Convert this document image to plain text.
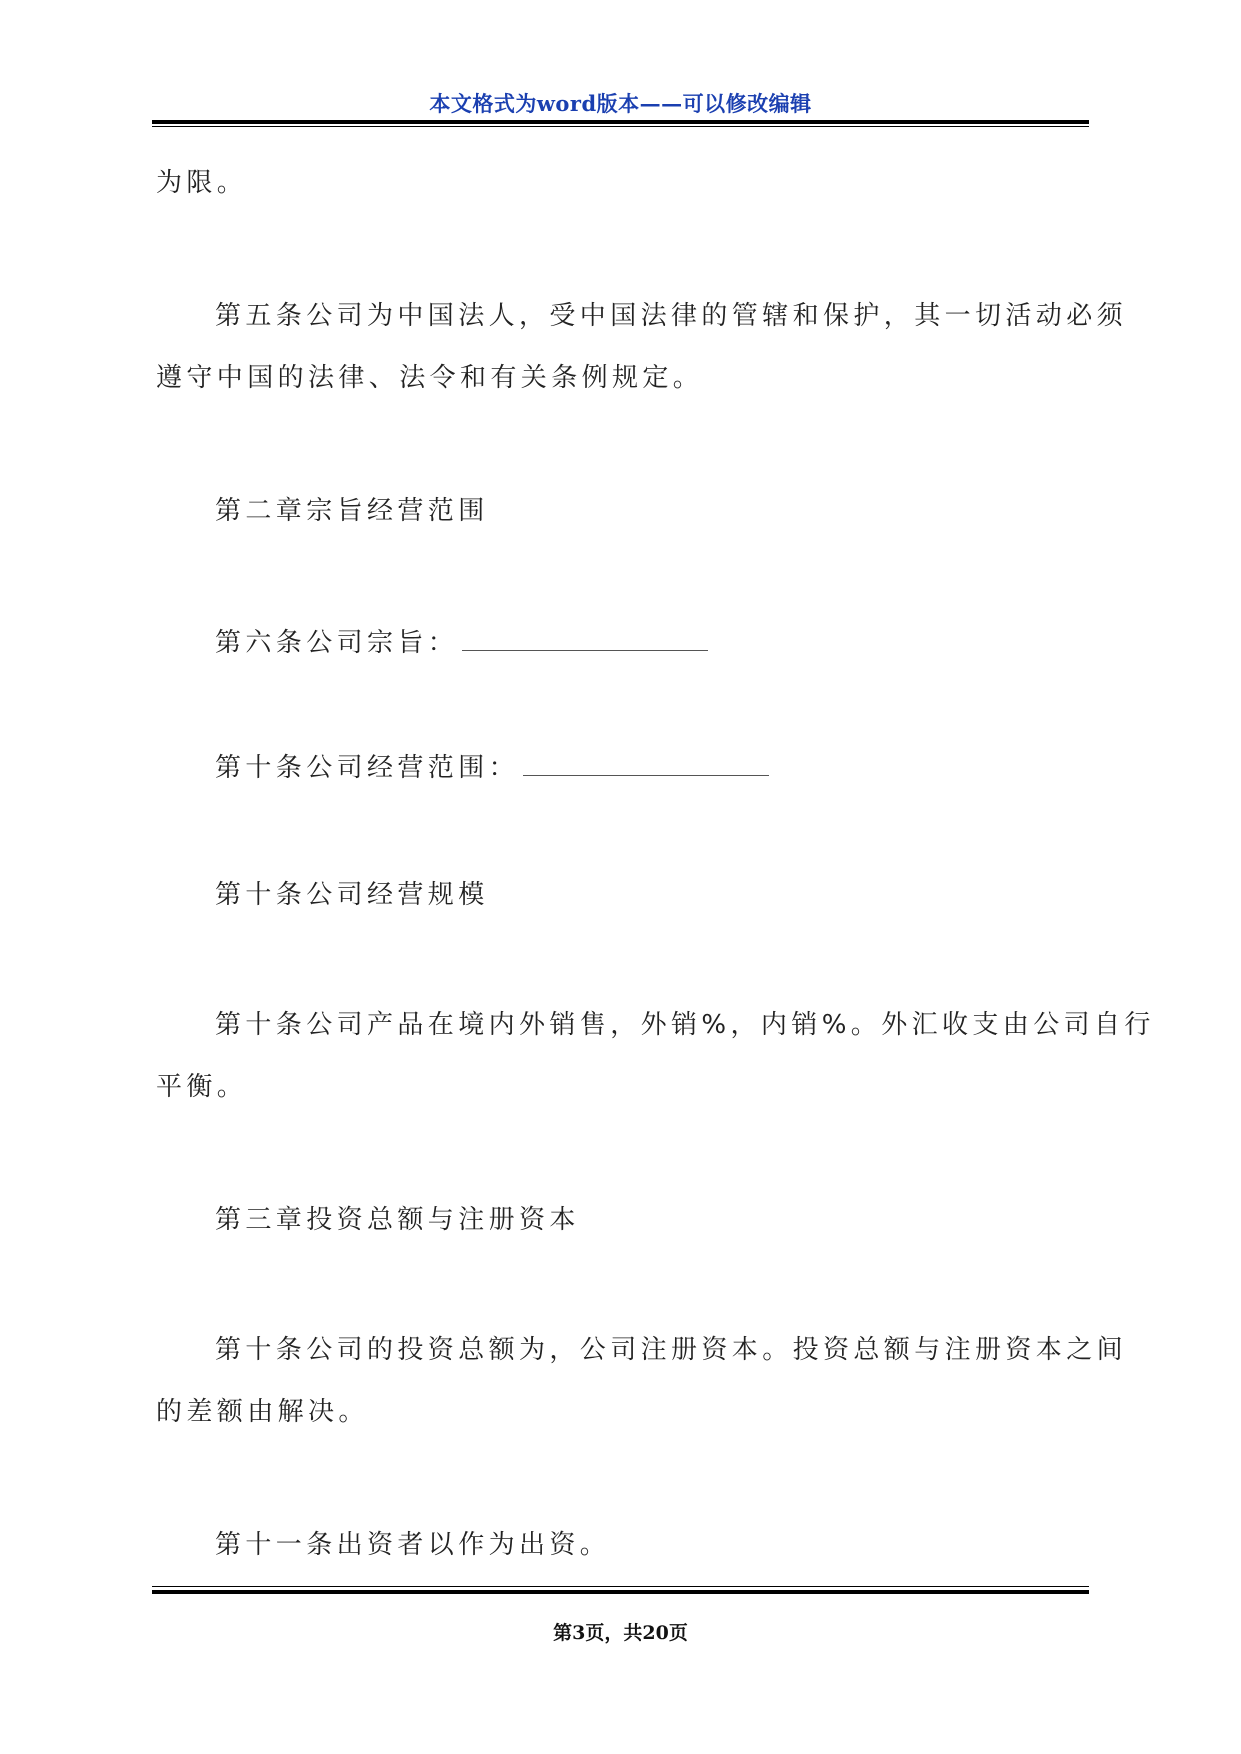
本文格式为word版本——可以修改编辑

为限。

第五条公司为中国法人，受中国法律的管辖和保护，其一切活动必须

遵守中国的法律、法令和有关条例规定。

第二章宗旨经营范围

第六条公司宗旨：

第十条公司经营范围：

第十条公司经营规模

第十条公司产品在境内外销售，外销%，内销%。外汇收支由公司自行

平衡。

第三章投资总额与注册资本

第十条公司的投资总额为，公司注册资本。投资总额与注册资本之间

的差额由解决。

第十一条出资者以作为出资。

第3页，共20页
